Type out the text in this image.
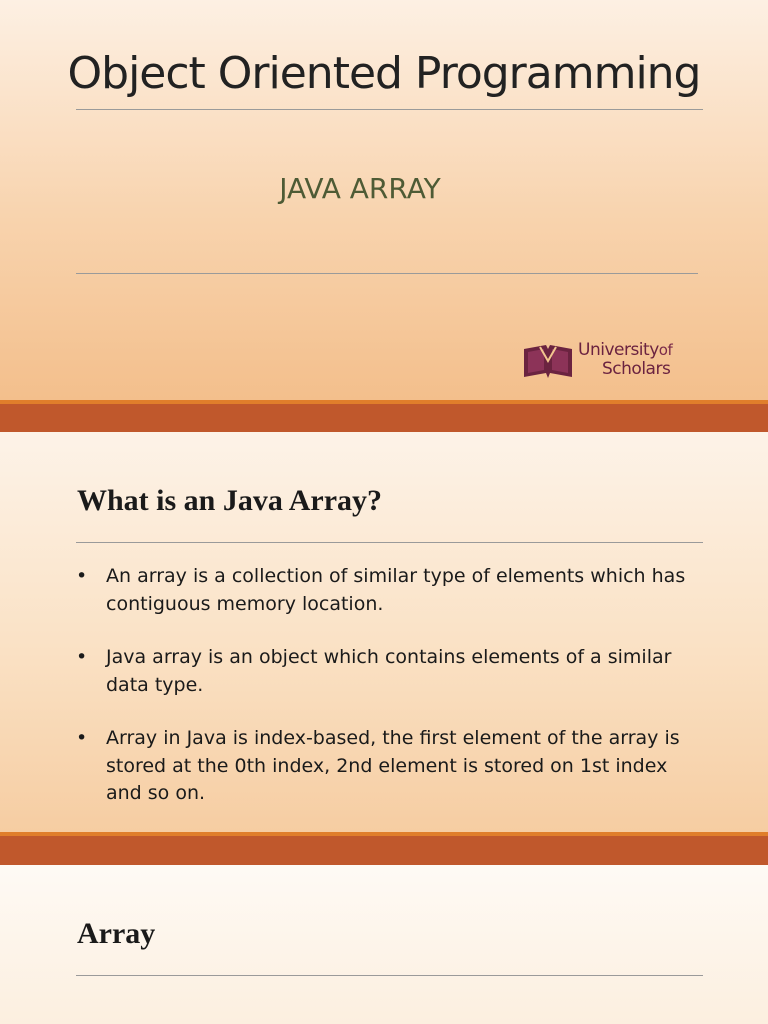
Object Oriented Programming
JAVA ARRAY
Universityof
Scholars
What is an Java Array?
• An array is a collection of similar type of elements which has contiguous memory location.
• Java array is an object which contains elements of a similar data type.
• Array in Java is index-based, the first element of the array is stored at the 0th index, 2nd element is stored on 1st index and so on.
Array
